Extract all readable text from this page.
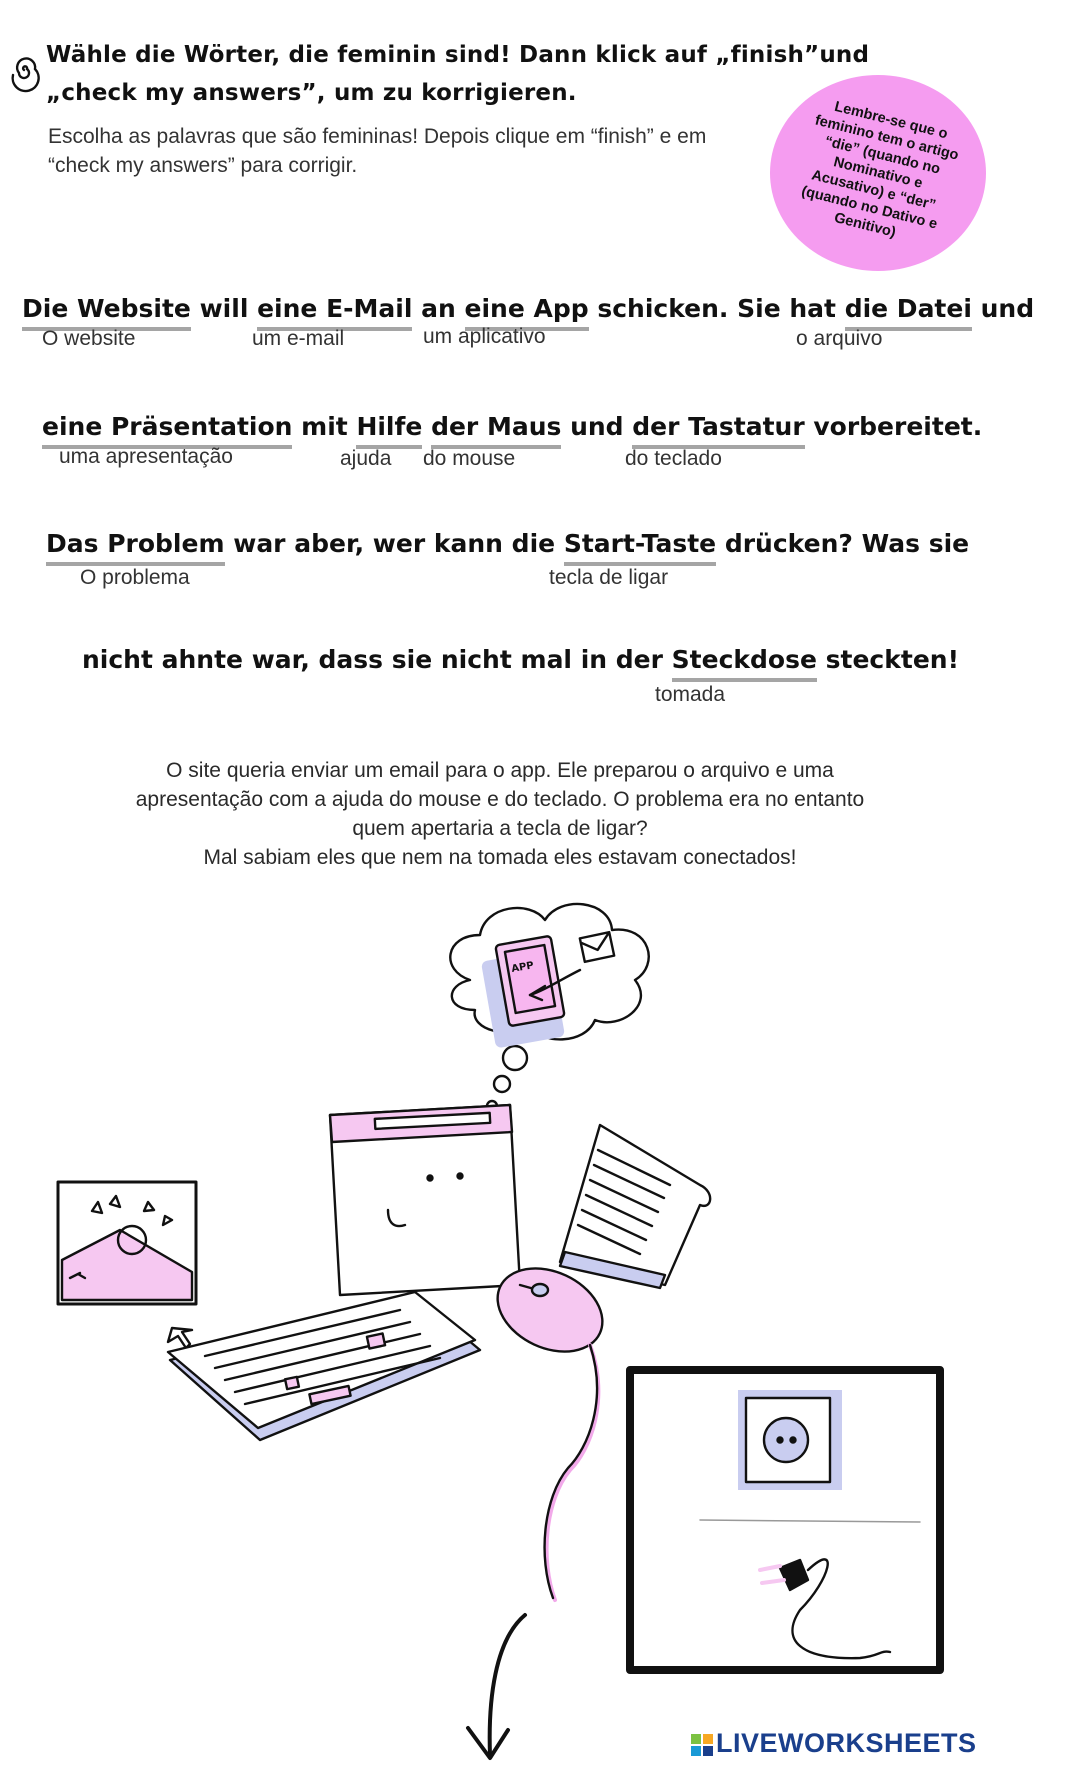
Wähle die Wörter, die feminin sind! Dann klick auf „finish”und „check my answers”, um zu korrigieren.
Escolha as palavras que são femininas! Depois clique em “finish” e em “check my answers” para corrigir.
Lembre-se que o feminino tem o artigo “die” (quando no Nominativo e Acusativo) e “der” (quando no Dativo e Genitivo)
Die Website will eine E-Mail an eine App schicken. Sie hat die Datei und
O website	um e-mail	um aplicativo	o arquivo
eine Präsentation mit Hilfe der Maus und der Tastatur vorbereitet.
uma apresentação	ajuda do mouse	do teclado
Das Problem war aber, wer kann die Start-Taste drücken? Was sie
O problema	tecla de ligar
nicht ahnte war, dass sie nicht mal in der Steckdose steckten!
tomada
O site queria enviar um email para o app. Ele preparou o arquivo e uma
apresentação com a ajuda do mouse e do teclado. O problema era no entanto
quem apertaria a tecla de ligar?
Mal sabiam eles que nem na tomada eles estavam conectados!
APP
LIVEWORKSHEETS
